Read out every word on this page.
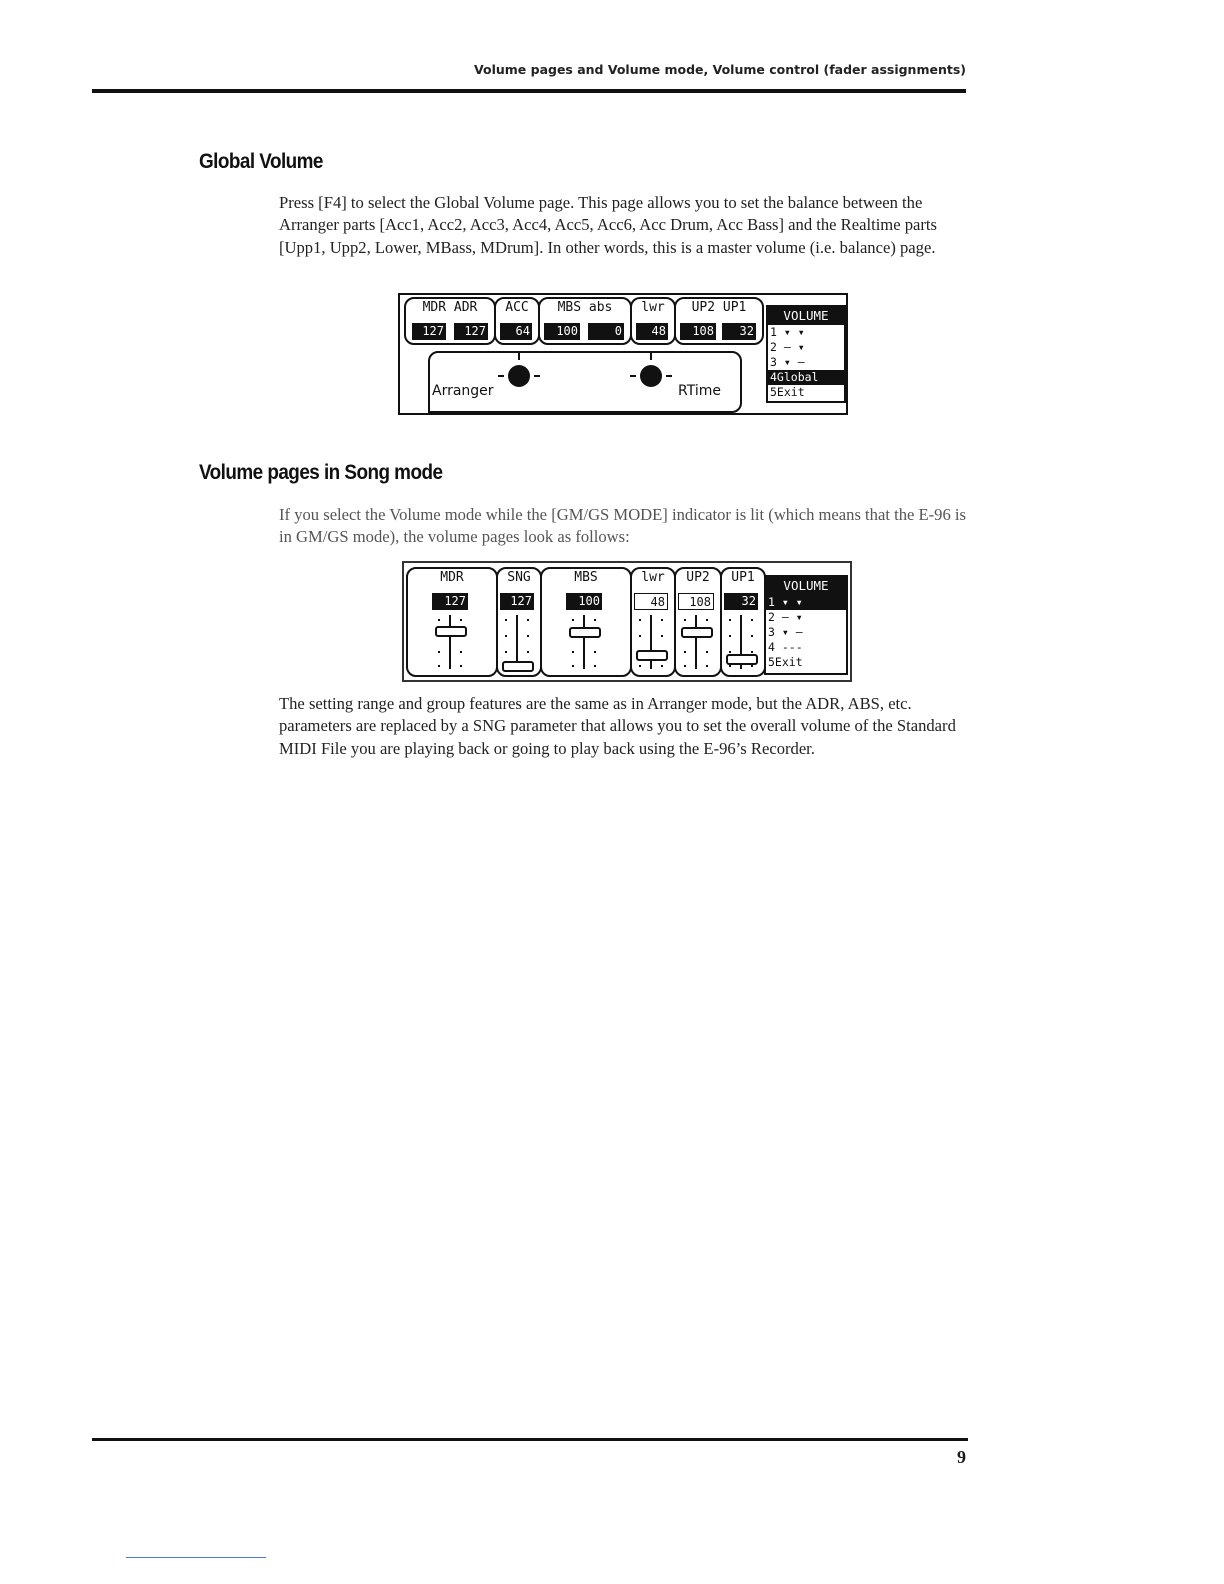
Volume pages and Volume mode, Volume control (fader assignments)
Global Volume

Press [F4] to select the Global Volume page. This page allows you to set the balance between the Arranger parts [Acc1, Acc2, Acc3, Acc4, Acc5, Acc6, Acc Drum, Acc Bass] and the Realtime parts [Upp1, Upp2, Lower, MBass, MDrum]. In other words, this is a master volume (i.e. balance) page.

MDR ADR
127	127
ACC
64
MBS abs
100	0
lwr
48
UP2 UP1
108	32
Arranger	RTime
VOLUME
1 ▾ ▾
2 – ▾
3 ▾ –
4Global
5Exit
Volume pages in Song mode

If you select the Volume mode while the [GM/GS MODE] indicator is lit (which means that the E-96 is in GM/GS mode), the volume pages look as follows:

MDR
127
SNG
127
MBS
100
lwr
48
UP2
108
UP1
32
VOLUME
1 ▾ ▾
2 – ▾
3 ▾ –
4 ---
5Exit

The setting range and group features are the same as in Arranger mode, but the ADR, ABS, etc. parameters are replaced by a SNG parameter that allows you to set the overall volume of the Standard MIDI File you are playing back or going to play back using the E-96’s Recorder.

9
